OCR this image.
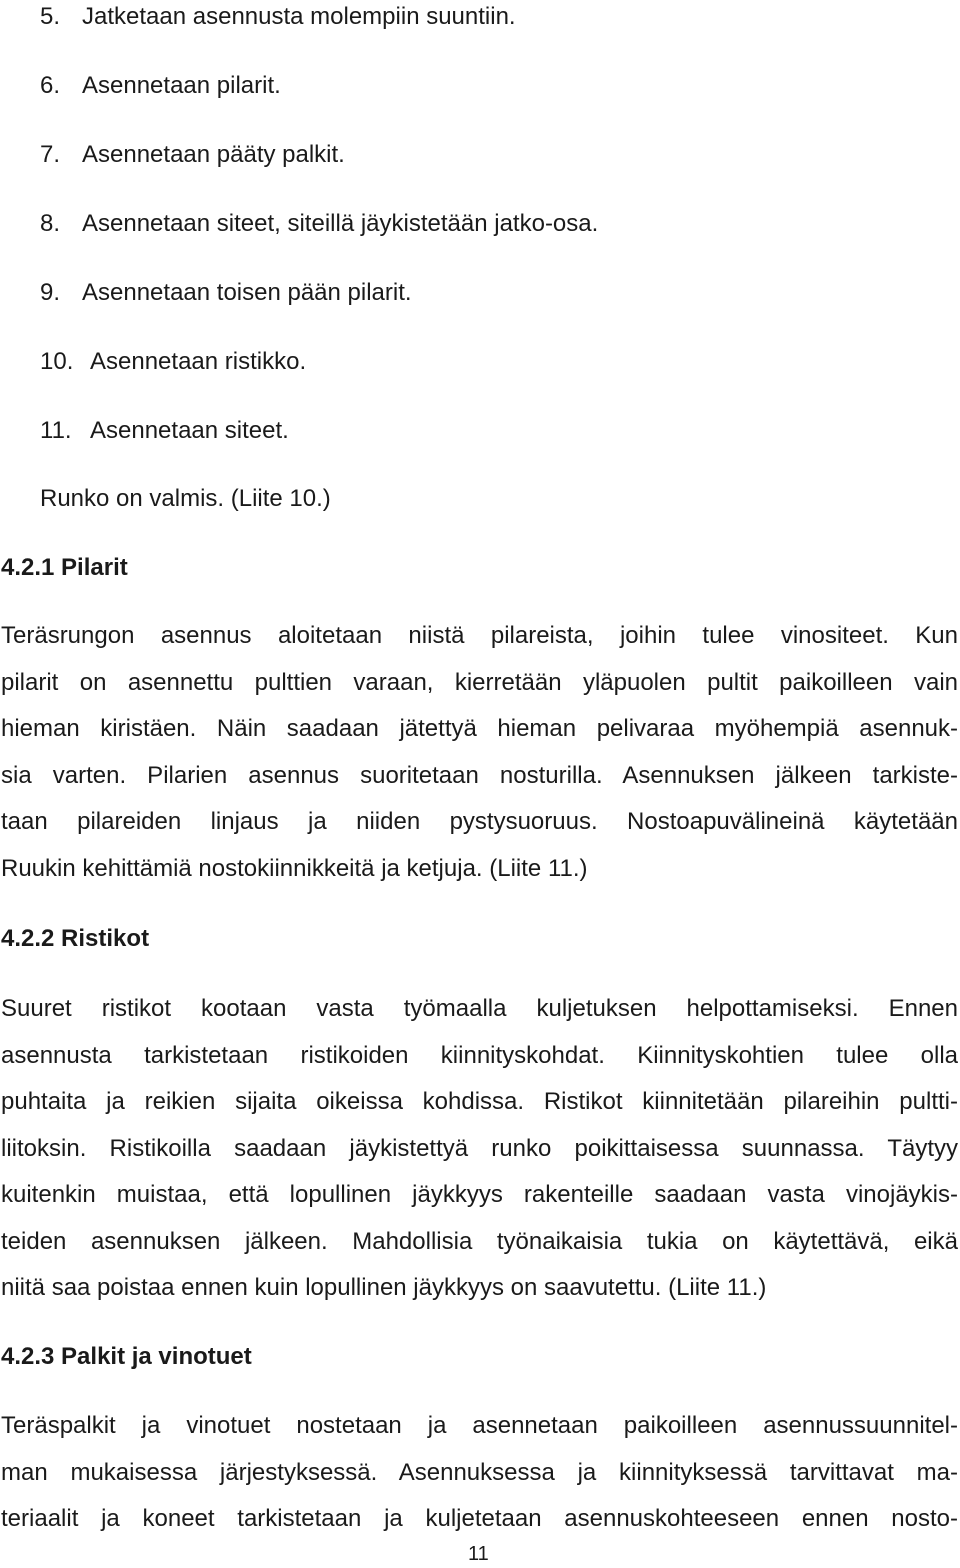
5. Jatketaan asennusta molempiin suuntiin.
6. Asennetaan pilarit.
7. Asennetaan pääty palkit.
8. Asennetaan siteet, siteillä jäykistetään jatko-osa.
9. Asennetaan toisen pään pilarit.
10. Asennetaan ristikko.
11. Asennetaan siteet.
Runko on valmis. (Liite 10.)
4.2.1 Pilarit
Teräsrungon asennus aloitetaan niistä pilareista, joihin tulee vinositeet. Kun
pilarit on asennettu pulttien varaan, kierretään yläpuolen pultit paikoilleen vain
hieman kiristäen. Näin saadaan jätettyä hieman pelivaraa myöhempiä asennuk-
sia varten. Pilarien asennus suoritetaan nosturilla. Asennuksen jälkeen tarkiste-
taan pilareiden linjaus ja niiden pystysuoruus. Nostoapuvälineinä käytetään
Ruukin kehittämiä nostokiinnikkeitä ja ketjuja. (Liite 11.)
4.2.2 Ristikot
Suuret ristikot kootaan vasta työmaalla kuljetuksen helpottamiseksi. Ennen
asennusta tarkistetaan ristikoiden kiinnityskohdat. Kiinnityskohtien tulee olla
puhtaita ja reikien sijaita oikeissa kohdissa. Ristikot kiinnitetään pilareihin pultti-
liitoksin. Ristikoilla saadaan jäykistettyä runko poikittaisessa suunnassa. Täytyy
kuitenkin muistaa, että lopullinen jäykkyys rakenteille saadaan vasta vinojäykis-
teiden asennuksen jälkeen. Mahdollisia työnaikaisia tukia on käytettävä, eikä
niitä saa poistaa ennen kuin lopullinen jäykkyys on saavutettu. (Liite 11.)
4.2.3 Palkit ja vinotuet
Teräspalkit ja vinotuet nostetaan ja asennetaan paikoilleen asennussuunnitel-
man mukaisessa järjestyksessä. Asennuksessa ja kiinnityksessä tarvittavat ma-
teriaalit ja koneet tarkistetaan ja kuljetetaan asennuskohteeseen ennen nosto-
11
